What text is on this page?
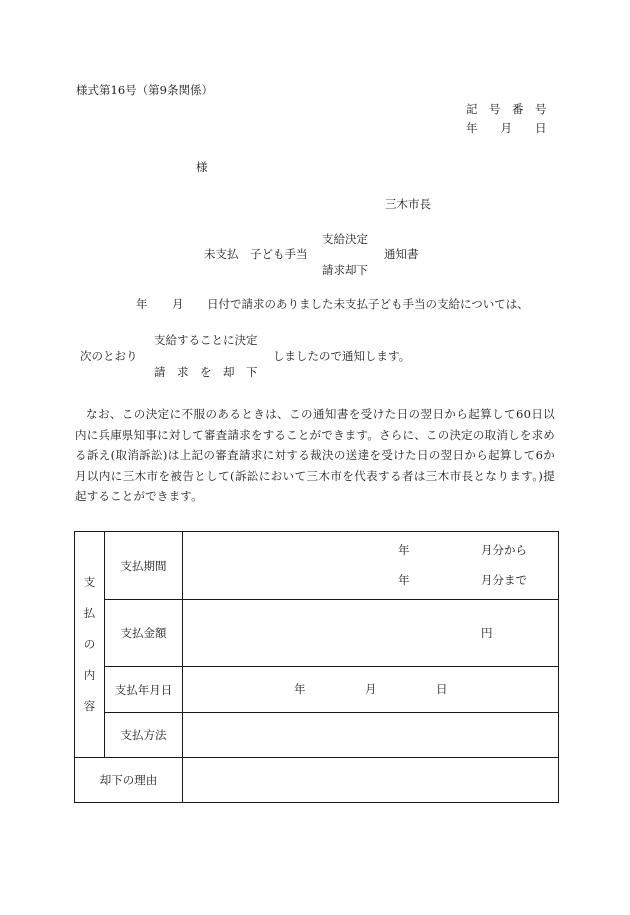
様式第16号（第9条関係）
記　号　番　号
年　　月　　日
様
三木市長
支給決定
未支払　子ども手当	通知書
請求却下
年 月 日付で請求のありました未支払子ども手当の支給については、
支給することに決定
次のとおり	しましたので通知します。
請　求　を　却　下
なお、この決定に不服のあるときは、この通知書を受けた日の翌日から起算して60日以内に兵庫県知事に対して審査請求をすることができます。さらに、この決定の取消しを求める訴え(取消訴訟)は上記の審査請求に対する裁決の送達を受けた日の翌日から起算して6か月以内に三木市を被告として(訴訟において三木市を代表する者は三木市長となります。)提起することができます。
支
払
の
内
容	支払期間	年 月分から
年 月分まで

	支払金額	円

	支払年月日	年 月 日

	支払方法	
却下の理由		
